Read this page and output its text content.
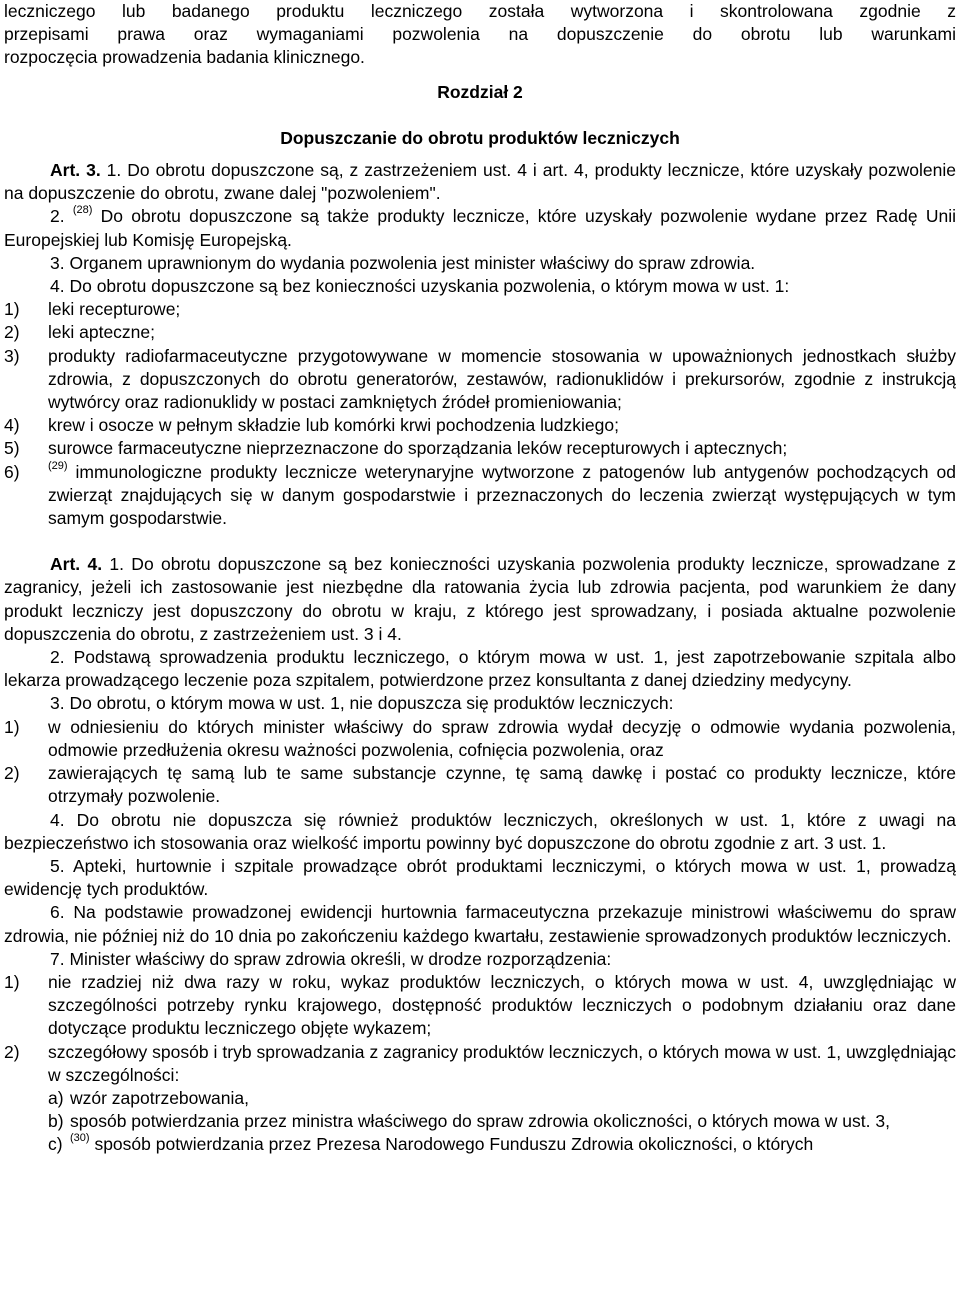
leczniczego lub badanego produktu leczniczego została wytworzona i skontrolowana zgodnie z

przepisami prawa oraz wymaganiami pozwolenia na dopuszczenie do obrotu lub warunkami

rozpoczęcia prowadzenia badania klinicznego.

Rozdział 2

Dopuszczanie do obrotu produktów leczniczych

Art. 3. 1. Do obrotu dopuszczone są, z zastrzeżeniem ust. 4 i art. 4, produkty lecznicze, które uzyskały pozwolenie na dopuszczenie do obrotu, zwane dalej "pozwoleniem".

2. $^{(28)}$ Do obrotu dopuszczone są także produkty lecznicze, które uzyskały pozwolenie wydane przez Radę Unii Europejskiej lub Komisję Europejską.

3. Organem uprawnionym do wydania pozwolenia jest minister właściwy do spraw zdrowia.

4. Do obrotu dopuszczone są bez konieczności uzyskania pozwolenia, o którym mowa w ust. 1:

1) leki recepturowe;
2) leki apteczne;
3) produkty radiofarmaceutyczne przygotowywane w momencie stosowania w upoważnionych jednostkach służby zdrowia, z dopuszczonych do obrotu generatorów, zestawów, radionuklidów i prekursorów, zgodnie z instrukcją wytwórcy oraz radionuklidy w postaci zamkniętych źródeł promieniowania;
4) krew i osocze w pełnym składzie lub komórki krwi pochodzenia ludzkiego;
5) surowce farmaceutyczne nieprzeznaczone do sporządzania leków recepturowych i aptecznych;
6)	$^{(29)}$ immunologiczne produkty lecznicze weterynaryjne wytworzone z patogenów lub antygenów pochodzących od zwierząt znajdujących się w danym gospodarstwie i przeznaczonych do leczenia zwierząt występujących w tym samym gospodarstwie.

Art. 4. 1. Do obrotu dopuszczone są bez konieczności uzyskania pozwolenia produkty lecznicze, sprowadzane z zagranicy, jeżeli ich zastosowanie jest niezbędne dla ratowania życia lub zdrowia pacjenta, pod warunkiem że dany produkt leczniczy jest dopuszczony do obrotu w kraju, z którego jest sprowadzany, i posiada aktualne pozwolenie dopuszczenia do obrotu, z zastrzeżeniem ust. 3 i 4.

2. Podstawą sprowadzenia produktu leczniczego, o którym mowa w ust. 1, jest zapotrzebowanie szpitala albo lekarza prowadzącego leczenie poza szpitalem, potwierdzone przez konsultanta z danej dziedziny medycyny.

3. Do obrotu, o którym mowa w ust. 1, nie dopuszcza się produktów leczniczych:

1) w odniesieniu do których minister właściwy do spraw zdrowia wydał decyzję o odmowie wydania pozwolenia, odmowie przedłużenia okresu ważności pozwolenia, cofnięcia pozwolenia, oraz
2) zawierających tę samą lub te same substancje czynne, tę samą dawkę i postać co produkty lecznicze, które otrzymały pozwolenie.

4. Do obrotu nie dopuszcza się również produktów leczniczych, określonych w ust. 1, które z uwagi na bezpieczeństwo ich stosowania oraz wielkość importu powinny być dopuszczone do obrotu zgodnie z art. 3 ust. 1.

5. Apteki, hurtownie i szpitale prowadzące obrót produktami leczniczymi, o których mowa w ust. 1, prowadzą ewidencję tych produktów.

6. Na podstawie prowadzonej ewidencji hurtownia farmaceutyczna przekazuje ministrowi właściwemu do spraw zdrowia, nie później niż do 10 dnia po zakończeniu każdego kwartału, zestawienie sprowadzonych produktów leczniczych.

7. Minister właściwy do spraw zdrowia określi, w drodze rozporządzenia:

1) nie rzadziej niż dwa razy w roku, wykaz produktów leczniczych, o których mowa w ust. 4, uwzględniając w szczególności potrzeby rynku krajowego, dostępność produktów leczniczych o podobnym działaniu oraz dane dotyczące produktu leczniczego objęte wykazem;
2) szczegółowy sposób i tryb sprowadzania z zagranicy produktów leczniczych, o których mowa w ust. 1, uwzględniając w szczególności:
a) wzór zapotrzebowania,
b) sposób potwierdzania przez ministra właściwego do spraw zdrowia okoliczności, o których mowa w ust. 3,
c) $^{(30)}$ sposób potwierdzania przez Prezesa Narodowego Funduszu Zdrowia okoliczności, o których
